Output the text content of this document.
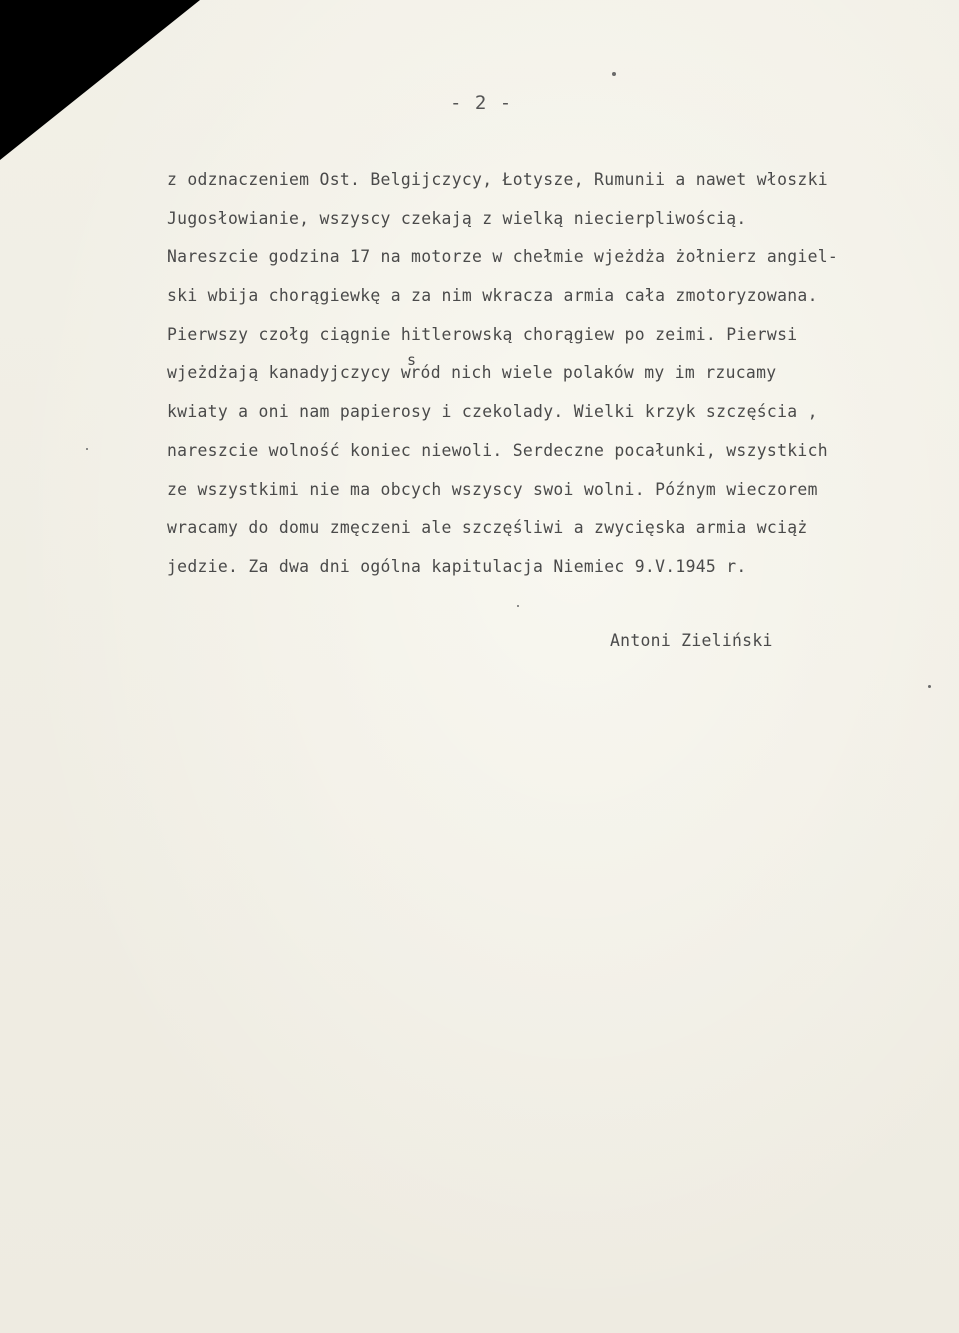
- 2 -
z odznaczeniem Ost. Belgijczycy, Łotysze, Rumunii a nawet włoszki
Jugosłowianie, wszyscy czekają z wielką niecierpliwością.
Nareszcie godzina 17 na motorze w chełmie wjeżdża żołnierz angiel-
ski wbija chorągiewkę a za nim wkracza armia cała zmotoryzowana.
Pierwszy czołg ciągnie hitlerowską chorągiew po zeimi. Pierwsi
wjeżdżają kanadyjczycy wsród nich wiele polaków my im rzucamy
kwiaty a oni nam papierosy i czekolady. Wielki krzyk szczęścia ,
nareszcie wolność koniec niewoli. Serdeczne pocałunki, wszystkich
ze wszystkimi nie ma obcych wszyscy swoi wolni. Późnym wieczorem
wracamy do domu zmęczeni ale szczęśliwi a zwycięska armia wciąż
jedzie. Za dwa dni ogólna kapitulacja Niemiec 9.V.1945 r.
Antoni Zieliński
